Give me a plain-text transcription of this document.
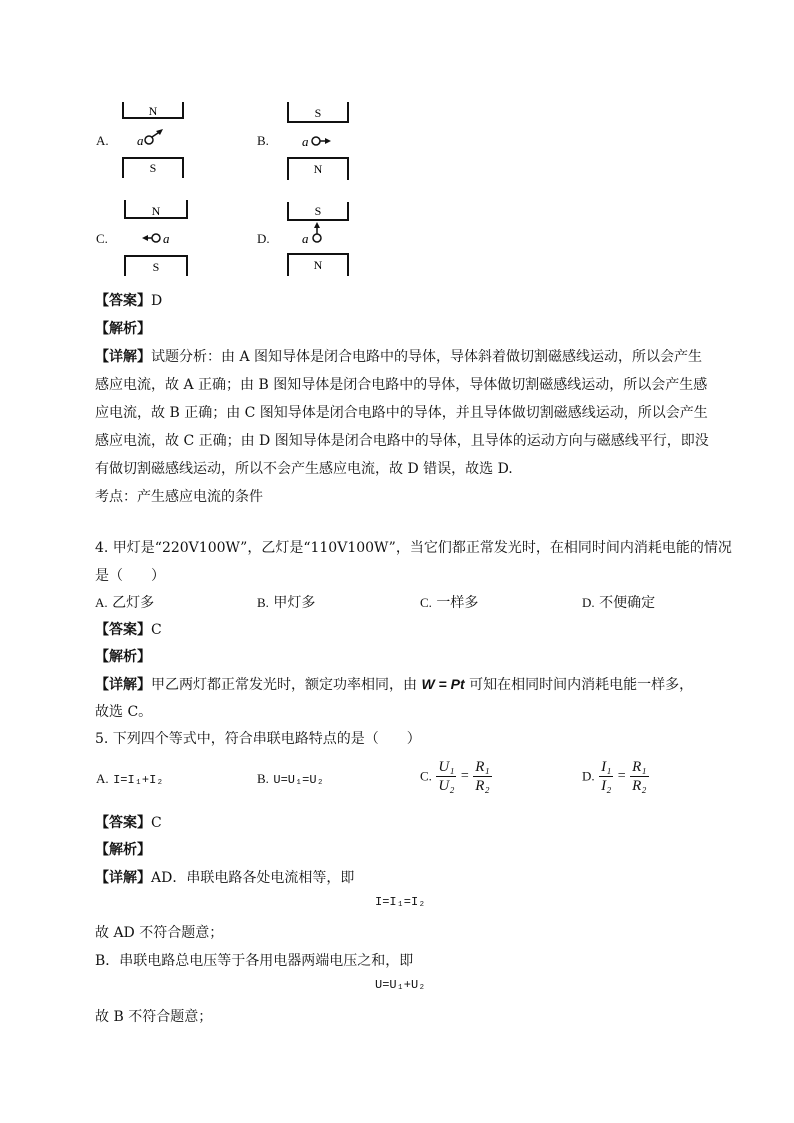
A.
N
a
S
B.
S
a
N
C.
N
a
S
D.
S
a
N
【答案】D
【解析】
【详解】试题分析：由 A 图知导体是闭合电路中的导体，导体斜着做切割磁感线运动，所以会产生
感应电流，故 A 正确；由 B 图知导体是闭合电路中的导体，导体做切割磁感线运动，所以会产生感
应电流，故 B 正确；由 C 图知导体是闭合电路中的导体，并且导体做切割磁感线运动，所以会产生
感应电流，故 C 正确；由 D 图知导体是闭合电路中的导体，且导体的运动方向与磁感线平行，即没
有做切割磁感线运动，所以不会产生感应电流，故 D 错误，故选 D.
考点：产生感应电流的条件
4. 甲灯是“220V100W”，乙灯是“110V100W”，当它们都正常发光时，在相同时间内消耗电能的情况
是（　　）
A. 乙灯多	B. 甲灯多	C. 一样多	D. 不便确定
【答案】C
【解析】
【详解】甲乙两灯都正常发光时，额定功率相同，由 W = Pt 可知在相同时间内消耗电能一样多，
故选 C。
5. 下列四个等式中，符合串联电路特点的是（　　）
A. I=I₁+I₂	B. U=U₁=U₂	C. $\frac{\text{U₁}}{\text{U₂}} = \frac{\text{R₁}}{\text{R₂}}$	D. $\frac{\text{I₁}}{\text{I₂}} = \frac{\text{R₁}}{\text{R₂}}$
【答案】C
【解析】
【详解】AD．串联电路各处电流相等，即
I=I₁=I₂
故 AD 不符合题意；
B．串联电路总电压等于各用电器两端电压之和，即
U=U₁+U₂
故 B 不符合题意；
